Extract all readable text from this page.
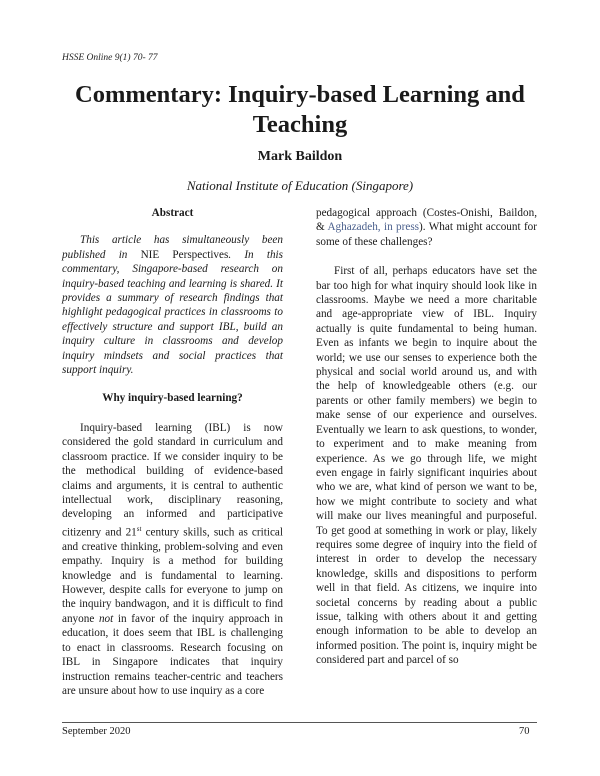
HSSE Online 9(1) 70- 77
Commentary: Inquiry-based Learning and Teaching
Mark Baildon
National Institute of Education (Singapore)

Abstract

This article has simultaneously been published in NIE Perspectives. In this commentary, Singapore-based research on inquiry-based teaching and learning is shared. It provides a summary of research findings that highlight pedagogical practices in classrooms to effectively structure and support IBL, build an inquiry culture in classrooms and develop inquiry mindsets and social practices that support inquiry.

Why inquiry-based learning?

Inquiry-based learning (IBL) is now considered the gold standard in curriculum and classroom practice. If we consider inquiry to be the methodical building of evidence-based claims and arguments, it is central to authentic intellectual work, disciplinary reasoning, developing an informed and participative citizenry and 21st century skills, such as critical and creative thinking, problem-solving and even empathy. Inquiry is a method for building knowledge and is fundamental to learning. However, despite calls for everyone to jump on the inquiry bandwagon, and it is difficult to find anyone not in favor of the inquiry approach in education, it does seem that IBL is challenging to enact in classrooms. Research focusing on IBL in Singapore indicates that inquiry instruction remains teacher-centric and teachers are unsure about how to use inquiry as a core

pedagogical approach (Costes-Onishi, Baildon, & Aghazadeh, in press). What might account for some of these challenges?

First of all, perhaps educators have set the bar too high for what inquiry should look like in classrooms. Maybe we need a more charitable and age-appropriate view of IBL. Inquiry actually is quite fundamental to being human. Even as infants we begin to inquire about the world; we use our senses to experience both the physical and social world around us, and with the help of knowledgeable others (e.g. our parents or other family members) we begin to make sense of our experience and ourselves. Eventually we learn to ask questions, to wonder, to experiment and to make meaning from experience. As we go through life, we might even engage in fairly significant inquiries about who we are, what kind of person we want to be, how we might contribute to society and what will make our lives meaningful and purposeful. To get good at something in work or play, likely requires some degree of inquiry into the field of interest in order to develop the necessary knowledge, skills and dispositions to perform well in that field. As citizens, we inquire into societal concerns by reading about a public issue, talking with others about it and getting enough information to be able to develop an informed position. The point is, inquiry might be considered part and parcel of so

September 2020	70
